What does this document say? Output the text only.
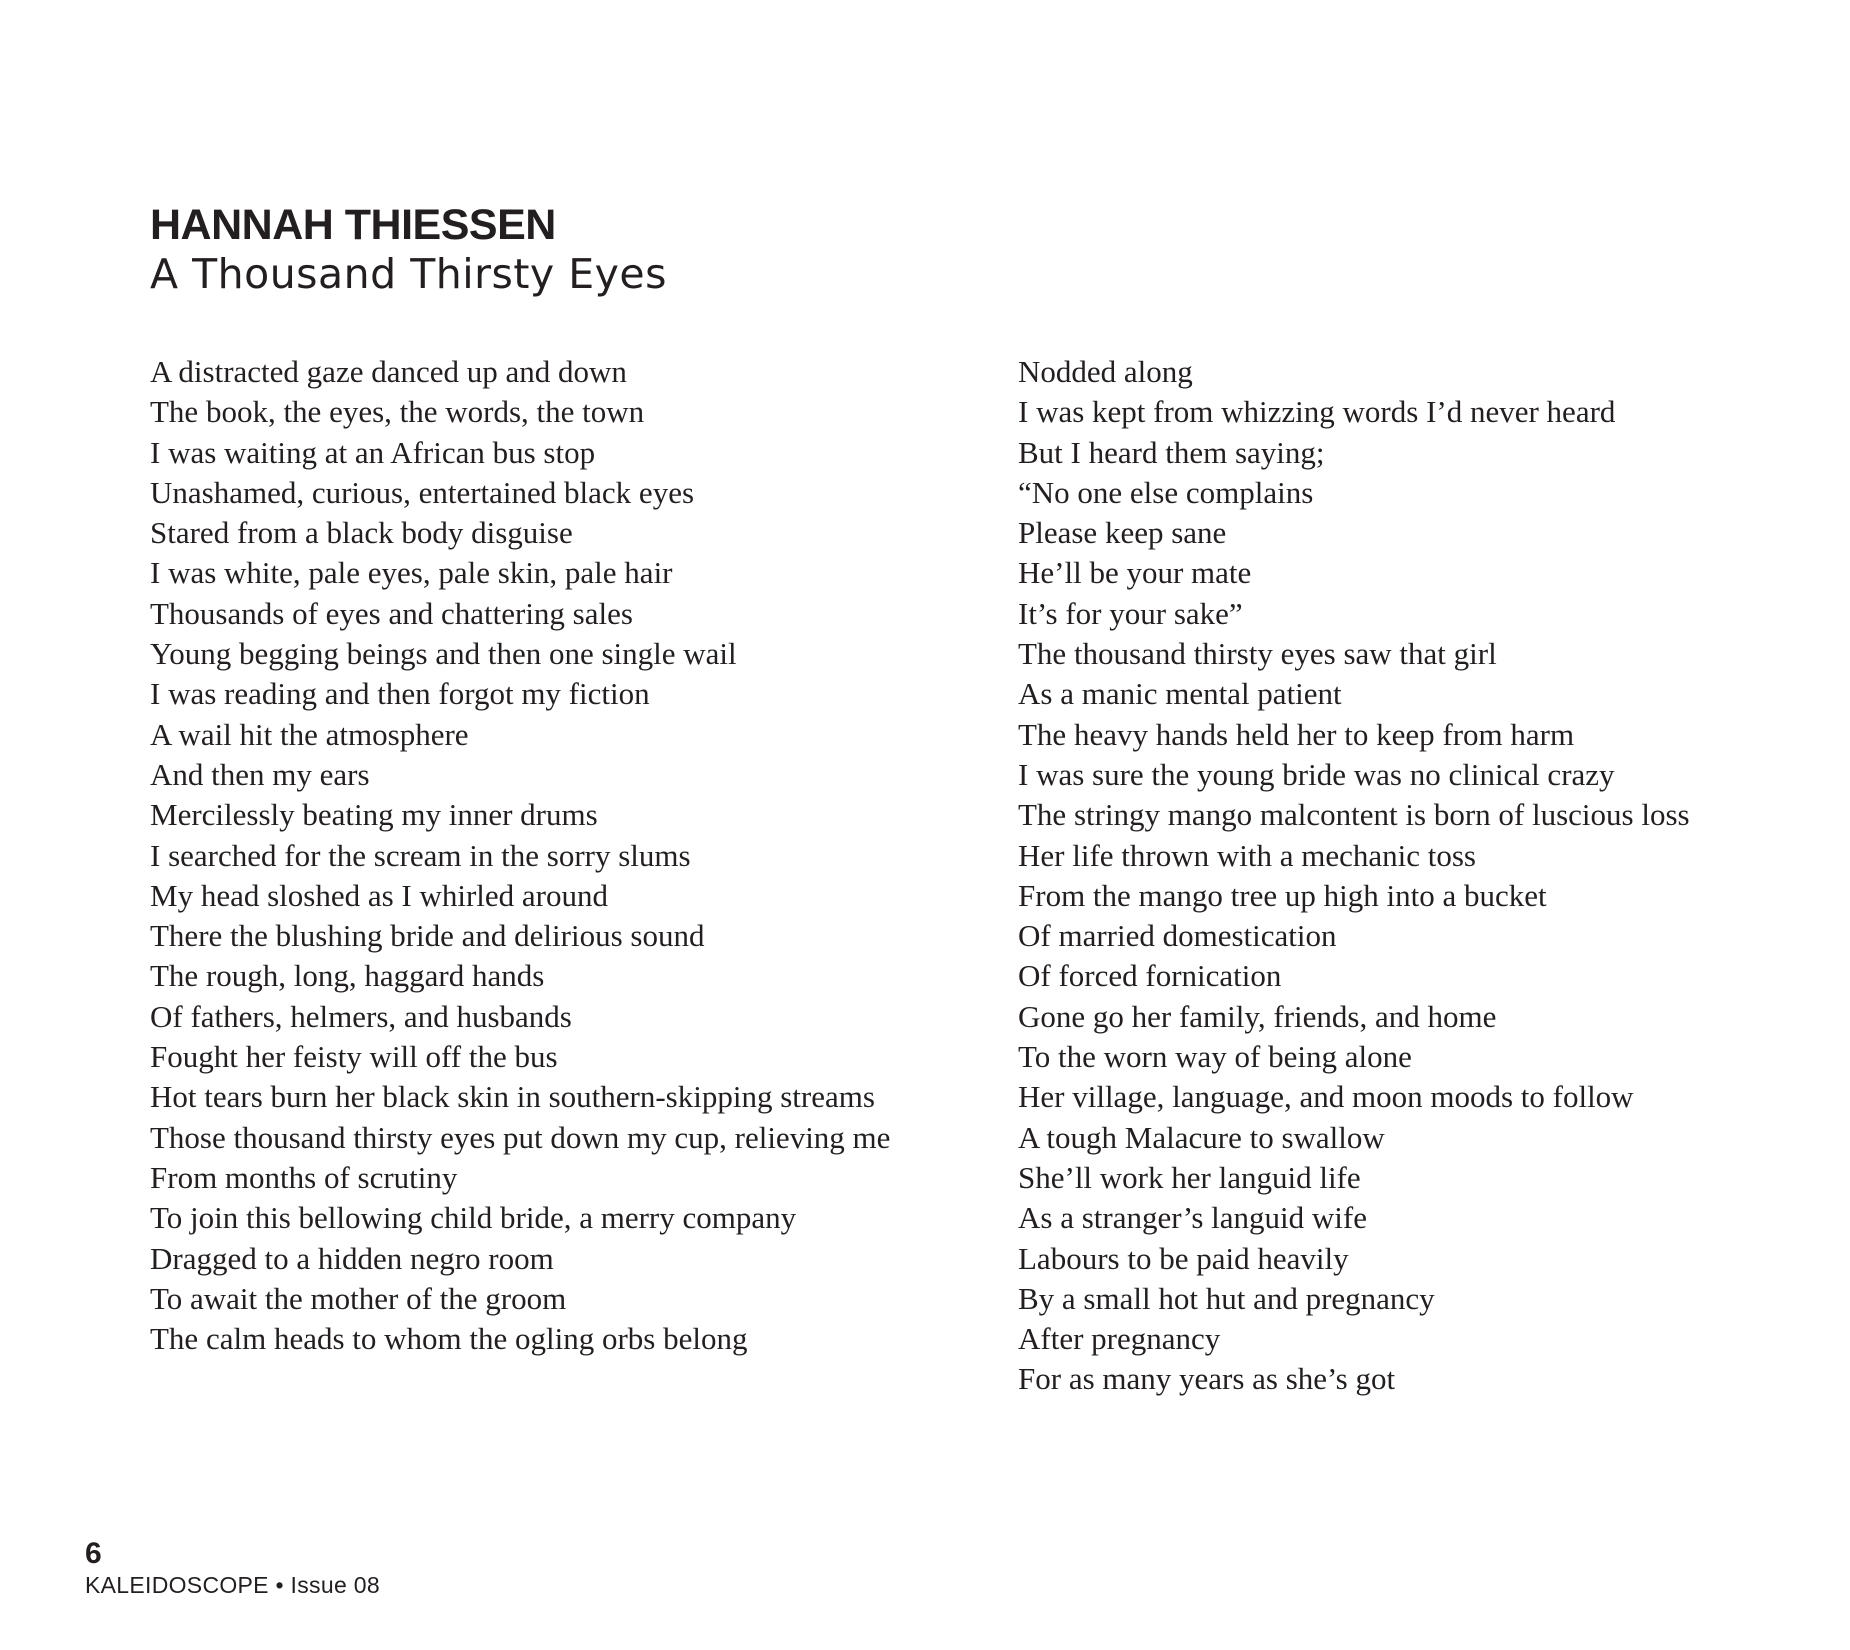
HANNAH THIESSEN
A Thousand Thirsty Eyes
A distracted gaze danced up and down
The book, the eyes, the words, the town
I was waiting at an African bus stop
Unashamed, curious, entertained black eyes
Stared from a black body disguise
I was white, pale eyes, pale skin, pale hair
Thousands of eyes and chattering sales
Young begging beings and then one single wail
I was reading and then forgot my fiction
A wail hit the atmosphere
And then my ears
Mercilessly beating my inner drums
I searched for the scream in the sorry slums
My head sloshed as I whirled around
There the blushing bride and delirious sound
The rough, long, haggard hands
Of fathers, helmers, and husbands
Fought her feisty will off the bus
Hot tears burn her black skin in southern-skipping streams
Those thousand thirsty eyes put down my cup, relieving me
From months of scrutiny
To join this bellowing child bride, a merry company
Dragged to a hidden negro room
To await the mother of the groom
The calm heads to whom the ogling orbs belong
Nodded along
I was kept from whizzing words I’d never heard
But I heard them saying;
“No one else complains
Please keep sane
He’ll be your mate
It’s for your sake”
The thousand thirsty eyes saw that girl
As a manic mental patient
The heavy hands held her to keep from harm
I was sure the young bride was no clinical crazy
The stringy mango malcontent is born of luscious loss
Her life thrown with a mechanic toss
From the mango tree up high into a bucket
Of married domestication
Of forced fornication
Gone go her family, friends, and home
To the worn way of being alone
Her village, language, and moon moods to follow
A tough Malacure to swallow
She’ll work her languid life
As a stranger’s languid wife
Labours to be paid heavily
By a small hot hut and pregnancy
After pregnancy
For as many years as she’s got
6
KALEIDOSCOPE • Issue 08
